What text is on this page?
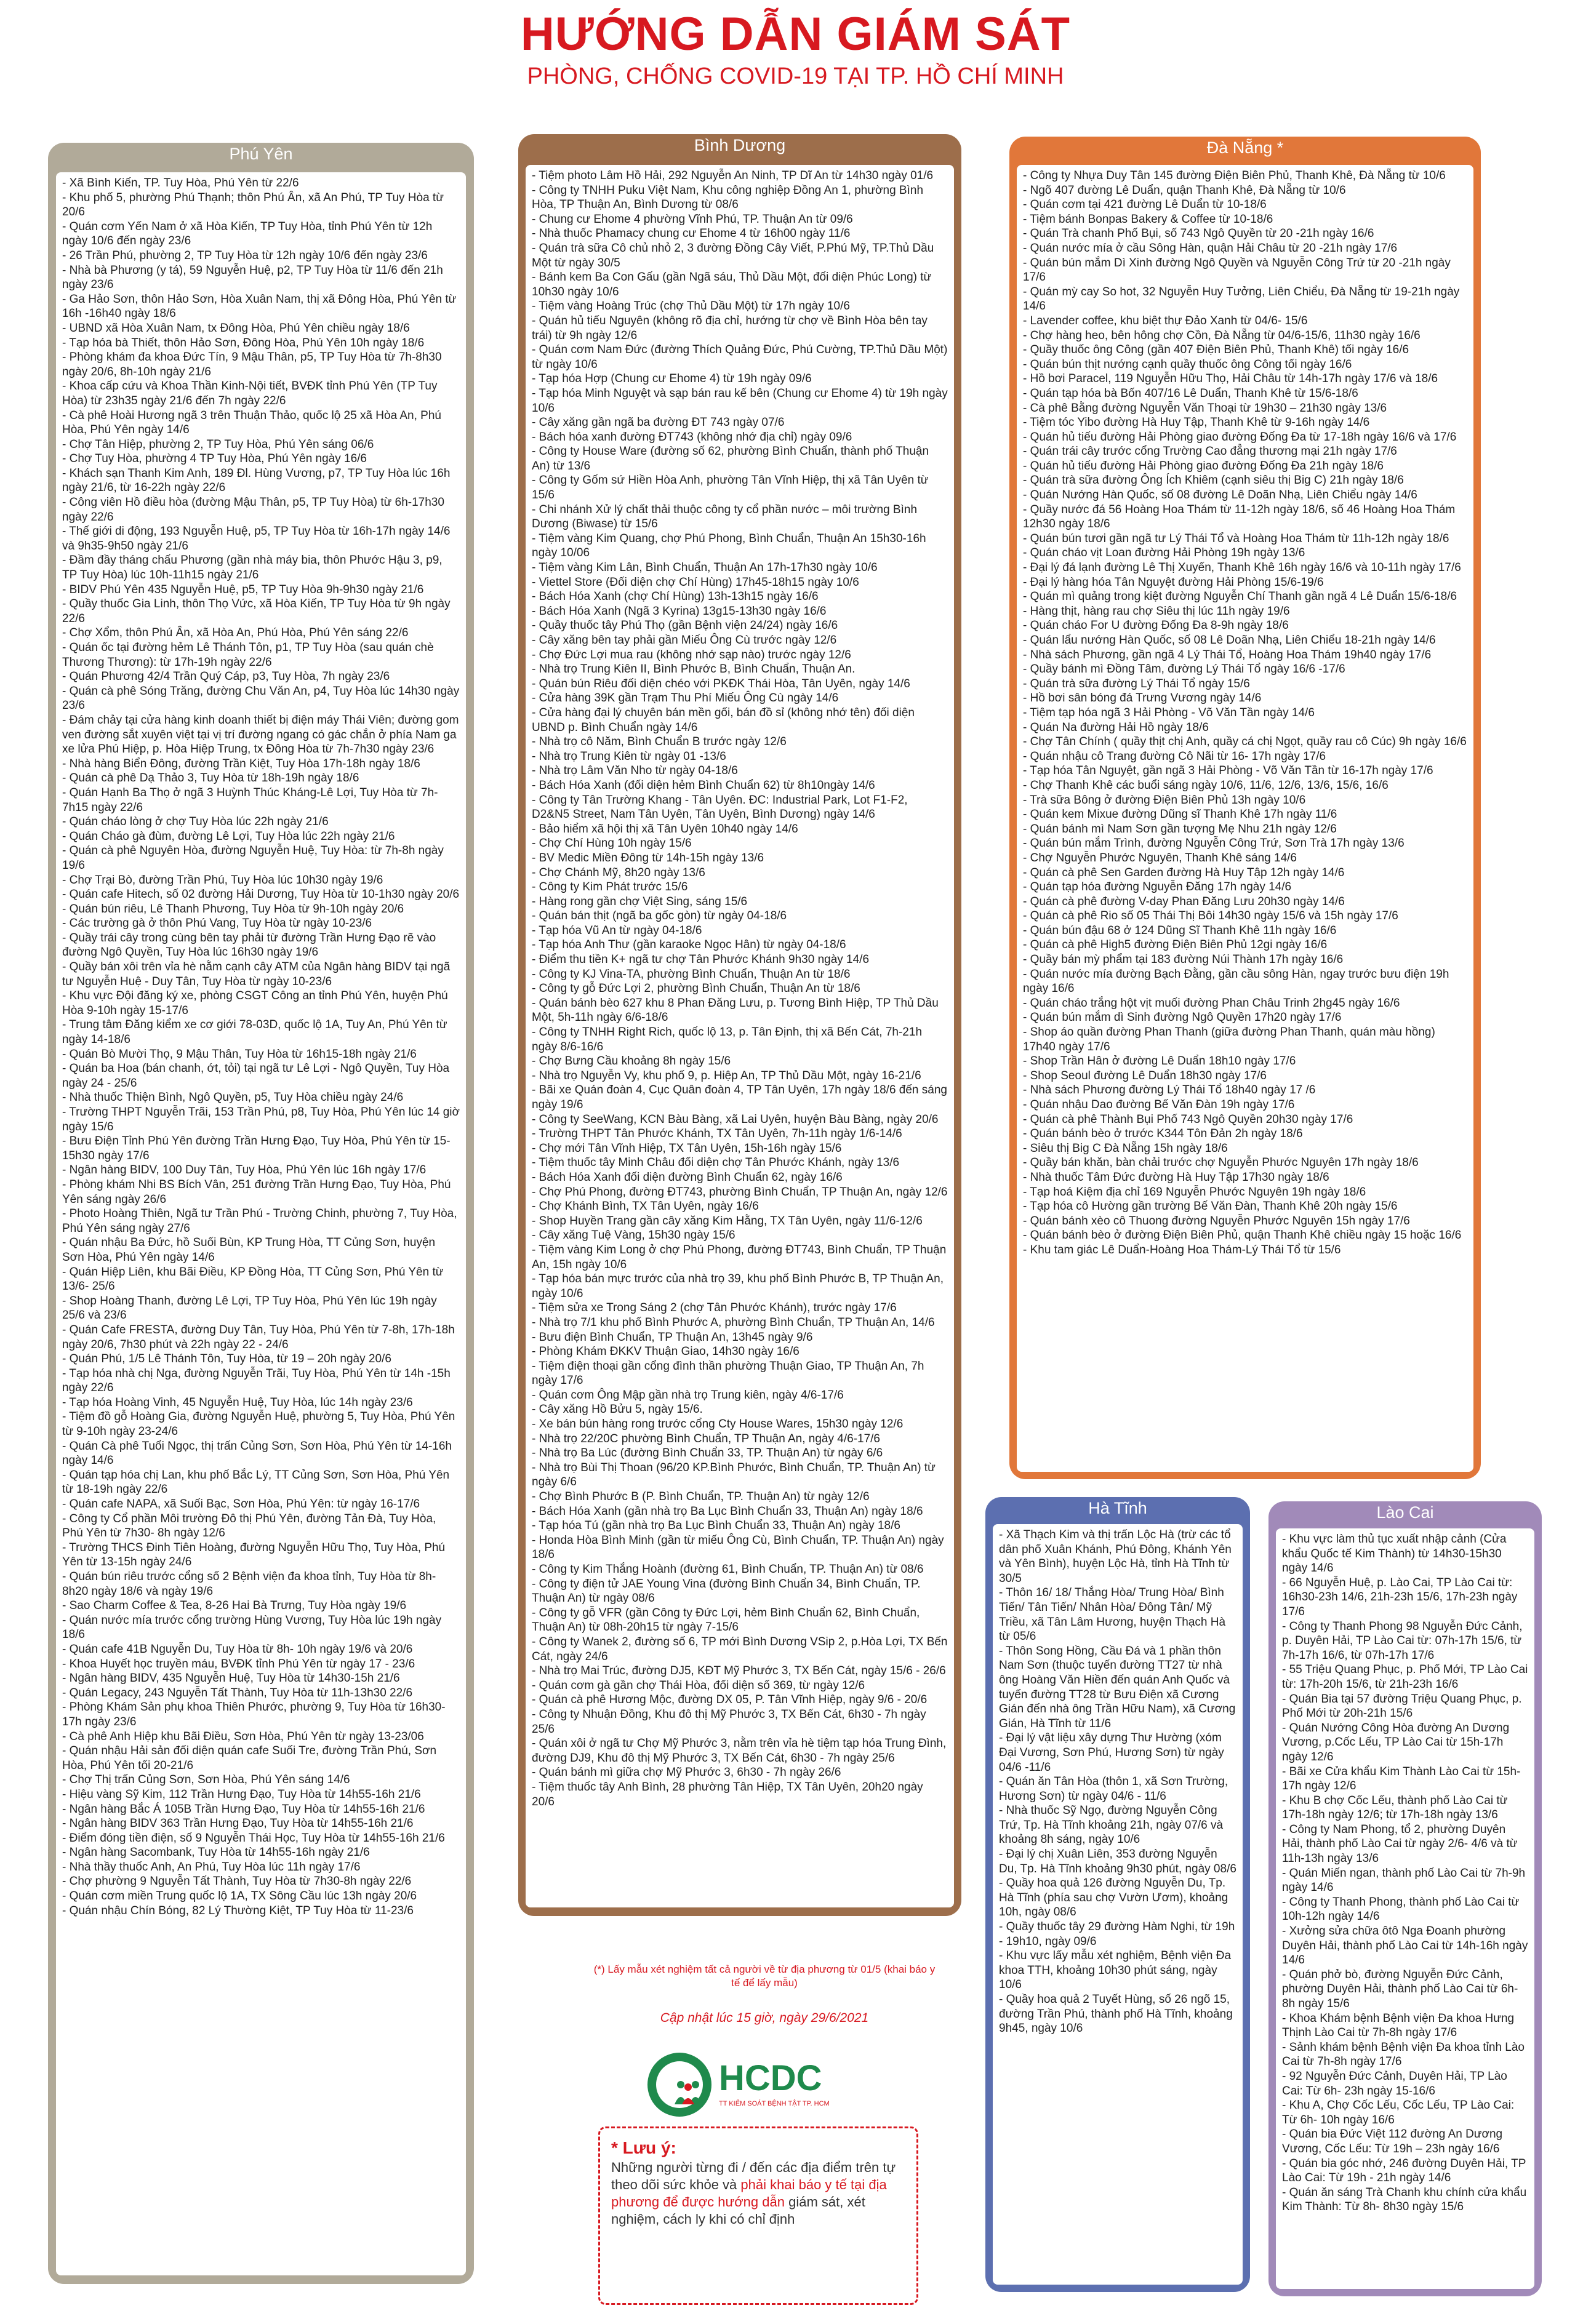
HƯỚNG DẪN GIÁM SÁT
PHÒNG, CHỐNG COVID-19 TẠI TP. HỒ CHÍ MINH
Phú Yên
- Xã Bình Kiến, TP. Tuy Hòa, Phú Yên từ 22/6
- Khu phố 5, phường Phú Thạnh; thôn Phú Ân, xã An Phú, TP Tuy Hòa từ 20/6
- Quán cơm Yến Nam ở xã Hòa Kiến, TP Tuy Hòa, tỉnh Phú Yên từ 12h ngày 10/6 đến ngày 23/6
- 26 Trần Phú, phường 2, TP Tuy Hòa từ 12h ngày 10/6 đến ngày 23/6
- Nhà bà Phương (y tá), 59 Nguyễn Huệ, p2, TP Tuy Hòa từ 11/6 đến 21h ngày 23/6
- Ga Hảo Sơn, thôn Hảo Sơn, Hòa Xuân Nam, thị xã Đông Hòa, Phú Yên từ 16h -16h40 ngày 18/6
- UBND xã Hòa Xuân Nam, tx Đông Hòa, Phú Yên chiều ngày 18/6
- Tạp hóa bà Thiết, thôn Hảo Sơn, Đông Hòa, Phú Yên 10h ngày 18/6
- Phòng khám đa khoa Đức Tín, 9 Mậu Thân, p5, TP Tuy Hòa từ 7h-8h30 ngày 20/6, 8h-10h ngày 21/6
- Khoa cấp cứu và Khoa Thần Kinh-Nội tiết, BVĐK tỉnh Phú Yên (TP Tuy Hòa) từ 23h35 ngày 21/6 đến 7h ngày 22/6
- Cà phê Hoài Hương ngã 3 trên Thuận Thảo, quốc lộ 25 xã Hòa An, Phú Hòa, Phú Yên ngày 14/6
- Chợ Tân Hiệp, phường 2, TP Tuy Hòa, Phú Yên sáng 06/6
- Chợ Tuy Hòa, phường 4 TP Tuy Hòa, Phú Yên ngày 16/6
- Khách sạn Thanh Kim Anh, 189 Đl. Hùng Vương, p7, TP Tuy Hòa lúc 16h ngày 21/6, từ 16-22h ngày 22/6
- Công viên Hồ điều hòa (đường Mậu Thân, p5, TP Tuy Hòa) từ 6h-17h30 ngày 22/6
- Thế giới di động, 193 Nguyễn Huệ, p5, TP Tuy Hòa từ 16h-17h ngày 14/6 và 9h35-9h50 ngày 21/6
- Đầm đầy tháng chấu Phương (gần nhà máy bia, thôn Phước Hậu 3, p9, TP Tuy Hòa) lúc 10h-11h15 ngày 21/6
- BIDV Phú Yên 435 Nguyễn Huệ, p5, TP Tuy Hòa 9h-9h30 ngày 21/6
- Quầy thuốc Gia Linh, thôn Thọ Vức, xã Hòa Kiến, TP Tuy Hòa từ 9h ngày 22/6
- Chợ Xổm, thôn Phú Ân, xã Hòa An, Phú Hòa, Phú Yên sáng 22/6
- Quán ốc tại đường hẻm Lê Thánh Tôn, p1, TP Tuy Hòa (sau quán chè Thương Thương): từ 17h-19h ngày 22/6
- Quán Phương 42/4 Trần Quý Cáp, p3, Tuy Hòa, 7h ngày 23/6
- Quán cà phê Sóng Trăng, đường Chu Văn An, p4, Tuy Hòa lúc 14h30 ngày 23/6
- Đám chảy tại cửa hàng kinh doanh thiết bị điện máy Thái Viên; đường gom ven đường sắt xuyên việt tại vị trí đường ngang có gác chắn ở phía Nam ga xe lửa Phú Hiệp, p. Hòa Hiệp Trung, tx Đông Hòa từ 7h-7h30 ngày 23/6
- Nhà hàng Biển Đông, đường Trần Kiệt, Tuy Hòa 17h-18h ngày 18/6
- Quán cà phê Dạ Thảo 3, Tuy Hòa từ 18h-19h ngày 18/6
- Quán Hạnh Ba Thọ ở ngã 3 Huỳnh Thúc Kháng-Lê Lợi, Tuy Hòa từ 7h-7h15 ngày 22/6
- Quán cháo lòng ở chợ Tuy Hòa lúc 22h ngày 21/6
- Quán Cháo gà đùm, đường Lê Lợi, Tuy Hòa lúc 22h ngày 21/6
- Quán cà phê Nguyên Hòa, đường Nguyễn Huệ, Tuy Hòa: từ 7h-8h ngày 19/6
- Chợ Trại Bò, đường Trần Phú, Tuy Hòa lúc 10h30 ngày 19/6
- Quán cafe Hitech, số 02 đường Hải Dương, Tuy Hòa từ 10-1h30 ngày 20/6
- Quán bún riêu, Lê Thanh Phương, Tuy Hòa từ 9h-10h ngày 20/6
- Các trường gà ở thôn Phú Vang, Tuy Hòa từ ngày 10-23/6
- Quầy trái cây trong cùng bên tay phải từ đường Trần Hưng Đạo rẽ vào đường Ngô Quyền, Tuy Hòa lúc 16h30 ngày 19/6
- Quầy bán xôi trên vỉa hè nằm cạnh cây ATM của Ngân hàng BIDV tại ngã tư Nguyễn Huệ - Duy Tân, Tuy Hòa từ ngày 10-23/6
- Khu vực Đội đăng ký xe, phòng CSGT Công an tỉnh Phú Yên, huyện Phú Hòa 9-10h ngày 15-17/6
- Trung tâm Đăng kiểm xe cơ giới 78-03D, quốc lộ 1A, Tuy An, Phú Yên từ ngày 14-18/6
- Quán Bò Mười Thọ, 9 Mậu Thân, Tuy Hòa từ 16h15-18h ngày 21/6
- Quán ba Hoa (bán chanh, ớt, tỏi) tại ngã tư Lê Lợi - Ngô Quyền, Tuy Hòa ngày 24 - 25/6
- Nhà thuốc Thiện Bình, Ngô Quyền, p5, Tuy Hòa chiều ngày 24/6
- Trường THPT Nguyễn Trãi, 153 Trần Phú, p8, Tuy Hòa, Phú Yên lúc 14 giờ ngày 15/6
- Bưu Điện Tỉnh Phú Yên đường Trần Hưng Đạo, Tuy Hòa, Phú Yên từ 15- 15h30 ngày 17/6
- Ngân hàng BIDV, 100 Duy Tân, Tuy Hòa, Phú Yên lúc 16h ngày 17/6
- Phòng khám Nhi BS Bích Vân, 251 đường Trần Hưng Đạo, Tuy Hòa, Phú Yên sáng ngày 26/6
- Photo Hoàng Thiên, Ngã tư Trần Phú - Trường Chinh, phường 7, Tuy Hòa, Phú Yên sáng ngày 27/6
- Quán nhậu Ba Đức, hồ Suối Bùn, KP Trung Hòa, TT Củng Sơn, huyện Sơn Hòa, Phú Yên ngày 14/6
- Quán Hiệp Liên, khu Bãi Điều, KP Đồng Hòa, TT Củng Sơn, Phú Yên từ 13/6- 25/6
- Shop Hoàng Thanh, đường Lê Lợi, TP Tuy Hòa, Phú Yên lúc 19h ngày 25/6 và 23/6
- Quán Cafe FRESTA, đường Duy Tân, Tuy Hòa, Phú Yên từ 7-8h, 17h-18h ngày 20/6, 7h30 phút và 22h ngày 22 - 24/6
- Quán Phú, 1/5 Lê Thánh Tôn, Tuy Hòa, từ 19 – 20h ngày 20/6
- Tạp hóa nhà chị Nga, đường Nguyễn Trãi, Tuy Hòa, Phú Yên từ 14h -15h ngày 22/6
- Tạp hóa Hoàng Vinh, 45 Nguyễn Huệ, Tuy Hòa, lúc 14h ngày 23/6
- Tiệm đồ gỗ Hoàng Gia, đường Nguyễn Huệ, phường 5, Tuy Hòa, Phú Yên từ 9-10h ngày 23-24/6
- Quán Cà phê Tuổi Ngọc, thị trấn Củng Sơn, Sơn Hòa, Phú Yên từ 14-16h ngày 14/6
- Quán tạp hóa chị Lan, khu phố Bắc Lý, TT Củng Sơn, Sơn Hòa, Phú Yên từ 18-19h ngày 22/6
- Quán cafe NAPA, xã Suối Bạc, Sơn Hòa, Phú Yên: từ ngày 16-17/6
- Công ty Cổ phần Môi trường Đô thị Phú Yên, đường Tản Đà, Tuy Hòa, Phú Yên từ 7h30- 8h ngày 12/6
- Trường THCS Đinh Tiên Hoàng, đường Nguyễn Hữu Thọ, Tuy Hòa, Phú Yên từ 13-15h ngày 24/6
- Quán bún riêu trước cổng số 2 Bệnh viện đa khoa tỉnh, Tuy Hòa từ 8h- 8h20 ngày 18/6 và ngày 19/6
- Sao Charm Coffee & Tea, 8-26 Hai Bà Trưng, Tuy Hòa ngày 19/6
- Quán nước mía trước cổng trường Hùng Vương, Tuy Hòa lúc 19h ngày 18/6
- Quán cafe 41B Nguyễn Du, Tuy Hòa từ 8h- 10h ngày 19/6 và 20/6
- Khoa Huyết học truyền máu, BVĐK tỉnh Phú Yên từ ngày 17 - 23/6
- Ngân hàng BIDV, 435 Nguyễn Huệ, Tuy Hòa từ 14h30-15h 21/6
- Quán Legacy, 243 Nguyễn Tất Thành, Tuy Hòa từ 11h-13h30 22/6
- Phòng Khám Sản phụ khoa Thiên Phước, phường 9, Tuy Hòa từ 16h30- 17h ngày 23/6
- Cà phê Anh Hiệp khu Bãi Điều, Sơn Hòa, Phú Yên từ ngày 13-23/06
- Quán nhậu Hải sản đối diện quán cafe Suối Tre, đường Trần Phú, Sơn Hòa, Phú Yên tối 20-21/6
- Chợ Thị trấn Củng Sơn, Sơn Hòa, Phú Yên sáng 14/6
- Hiệu vàng Sỹ Kim, 112 Trần Hưng Đạo, Tuy Hòa từ 14h55-16h 21/6
- Ngân hàng Bắc Á 105B Trần Hưng Đạo, Tuy Hòa từ 14h55-16h 21/6
- Ngân hàng BIDV 363 Trần Hưng Đạo, Tuy Hòa từ 14h55-16h 21/6
- Điểm đóng tiền điện, số 9 Nguyễn Thái Học, Tuy Hòa từ 14h55-16h 21/6
- Ngân hàng Sacombank, Tuy Hòa từ 14h55-16h ngày 21/6
- Nhà thầy thuốc Anh, An Phú, Tuy Hòa lúc 11h ngày 17/6
- Chợ phường 9 Nguyễn Tất Thành, Tuy Hòa từ 7h30-8h ngày 22/6
- Quán cơm miền Trung quốc lộ 1A, TX Sông Cầu lúc 13h ngày 20/6
- Quán nhậu Chín Bóng, 82 Lý Thường Kiệt, TP Tuy Hòa từ 11-23/6
Bình Dương
- Tiệm photo Lâm Hồ Hải, 292 Nguyễn An Ninh, TP Dĩ An từ 14h30 ngày 01/6
- Công ty TNHH Puku Việt Nam, Khu công nghiệp Đồng An 1, phường Bình Hòa, TP Thuận An, Bình Dương từ 08/6
- Chung cư Ehome 4 phường Vĩnh Phú, TP. Thuận An từ 09/6
- Nhà thuốc Phamacy chung cư Ehome 4 từ 16h00 ngày 11/6
- Quán trà sữa Cô chủ nhỏ 2, 3 đường Đồng Cây Viết, P.Phú Mỹ, TP.Thủ Dầu Một từ ngày 30/5
- Bánh kem Ba Con Gấu (gần Ngã sáu, Thủ Dầu Một, đối diện Phúc Long) từ 10h30 ngày 10/6
- Tiệm vàng Hoàng Trúc (chợ Thủ Dầu Một) từ 17h ngày 10/6
- Quán hủ tiếu Nguyên (không rõ địa chỉ, hướng từ chợ về Bình Hòa bên tay trái) từ 9h ngày 12/6
- Quán cơm Nam Đức (đường Thích Quảng Đức, Phú Cường, TP.Thủ Dầu Một) từ ngày 10/6
- Tạp hóa Hợp (Chung cư Ehome 4) từ 19h ngày 09/6
- Tạp hóa Minh Nguyệt và sạp bán rau kế bên (Chung cư Ehome 4) từ 19h ngày 10/6
- Cây xăng gần ngã ba đường ĐT 743 ngày 07/6
- Bách hóa xanh đường ĐT743 (không nhớ địa chỉ) ngày 09/6
- Công ty House Ware (đường số 62, phường Bình Chuẩn, thành phố Thuận An) từ 13/6
- Công ty Gốm sứ Hiền Hòa Anh, phường Tân Vĩnh Hiệp, thị xã Tân Uyên từ 15/6
- Chi nhánh Xử lý chất thải thuộc công ty cổ phần nước – môi trường Bình Dương (Biwase) từ 15/6
- Tiệm vàng Kim Quang, chợ Phú Phong, Bình Chuẩn, Thuận An 15h30-16h ngày 10/06
- Tiệm vàng Kim Lân, Bình Chuẩn, Thuận An 17h-17h30 ngày 10/6
- Viettel Store (Đối diện chợ Chí Hùng) 17h45-18h15 ngày 10/6
- Bách Hóa Xanh (chợ Chí Hùng) 13h-13h15 ngày 16/6
- Bách Hóa Xanh (Ngã 3 Kyrina) 13g15-13h30 ngày 16/6
- Quầy thuốc tây Phú Thọ (gần Bệnh viện 24/24) ngày 16/6
- Cây xăng bên tay phải gần Miếu Ông Cù trước ngày 12/6
- Chợ Đức Lợi mua rau (không nhớ sạp nào) trước ngày 12/6
- Nhà trọ Trung Kiên II, Bình Phước B, Bình Chuẩn, Thuận An.
- Quán bún Riêu đối diện chéo với PKĐK Thái Hòa, Tân Uyên, ngày 14/6
- Cửa hàng 39K gần Trạm Thu Phí Miếu Ông Cù ngày 14/6
- Cửa hàng đại lý chuyên bán mền gối, bán đồ sỉ (không nhớ tên) đối diện UBND p. Bình Chuẩn ngày 14/6
- Nhà trọ cô Năm, Bình Chuẩn B trước ngày 12/6
- Nhà trọ Trung Kiên từ ngày 01 -13/6
- Nhà trọ Lâm Văn Nho từ ngày 04-18/6
- Bách Hóa Xanh (đối diện hẻm Bình Chuẩn 62) từ 8h10ngày 14/6
- Công ty Tân Trường Khang - Tân Uyên. ĐC: Industrial Park, Lot F1-F2, D2&N5 Street, Nam Tân Uyên, Tân Uyên, Bình Dương) ngày 14/6
- Bảo hiểm xã hội thị xã Tân Uyên 10h40 ngày 14/6
- Chợ Chí Hùng 10h ngày 15/6
- BV Medic Miền Đông từ 14h-15h ngày 13/6
- Chợ Chánh Mỹ, 8h20 ngày 13/6
- Công ty Kim Phát trước 15/6
- Hàng rong gần chợ Việt Sing, sáng 15/6
- Quán bán thịt (ngã ba gốc gòn) từ ngày 04-18/6
- Tạp hóa Vũ An từ ngày 04-18/6
- Tạp hóa Anh Thư (gần karaoke Ngọc Hân) từ ngày 04-18/6
- Điểm thu tiền K+ ngã tư chợ Tân Phước Khánh 9h30 ngày 14/6
- Công ty KJ Vina-TA, phường Bình Chuẩn, Thuận An từ 18/6
- Công ty gỗ Đức Lợi 2, phường Bình Chuẩn, Thuận An từ 18/6
- Quán bánh bèo 627 khu 8 Phan Đăng Lưu, p. Tương Bình Hiệp, TP Thủ Dầu Một, 5h-11h ngày 6/6-18/6
- Công ty TNHH Right Rich, quốc lộ 13, p. Tân Định, thị xã Bến Cát, 7h-21h ngày 8/6-16/6
- Chợ Bưng Cầu khoảng 8h ngày 15/6
- Nhà trọ Nguyễn Vy, khu phố 9, p. Hiệp An, TP Thủ Dầu Một, ngày 16-21/6
- Bãi xe Quán đoàn 4, Cục Quân đoàn 4, TP Tân Uyên, 17h ngày 18/6 đến sáng ngày 19/6
- Công ty SeeWang, KCN Bàu Bàng, xã Lai Uyên, huyện Bàu Bàng, ngày 20/6
- Trường THPT Tân Phước Khánh, TX Tân Uyên, 7h-11h ngày 1/6-14/6
- Chợ mới Tân Vĩnh Hiệp, TX Tân Uyên, 15h-16h ngày 15/6
- Tiệm thuốc tây Minh Châu đối diện chợ Tân Phước Khánh, ngày 13/6
- Bách Hóa Xanh đối diện đường Bình Chuẩn 62, ngày 16/6
- Chợ Phú Phong, đường ĐT743, phường Bình Chuẩn, TP Thuận An, ngày 12/6
- Chợ Khánh Bình, TX Tân Uyên, ngày 16/6
- Shop Huyền Trang gần cây xăng Kim Hằng, TX Tân Uyên, ngày 11/6-12/6
- Cây xăng Tuệ Vàng, 15h30 ngày 15/6
- Tiệm vàng Kim Long ở chợ Phú Phong, đường ĐT743, Bình Chuẩn, TP Thuận An, 15h ngày 10/6
- Tạp hóa bán mực trước của nhà trọ 39, khu phố Bình Phước B, TP Thuận An, ngày 10/6
- Tiệm sửa xe Trong Sáng 2 (chợ Tân Phước Khánh), trước ngày 17/6
- Nhà trọ 7/1 khu phố Bình Phước A, phường Bình Chuẩn, TP Thuận An, 14/6
- Bưu điện Bình Chuẩn, TP Thuận An, 13h45 ngày 9/6
- Phòng Khám ĐKKV Thuận Giao, 14h30 ngày 16/6
- Tiệm điện thoại gần cổng đình thần phường Thuận Giao, TP Thuận An, 7h ngày 17/6
- Quán cơm Ông Mập gần nhà trọ Trung kiên, ngày 4/6-17/6
- Cây xăng Hồ Bửu 5, ngày 15/6.
- Xe bán bún hàng rong trước cổng Cty House Wares, 15h30 ngày 12/6
- Nhà trọ 22/20C phường Bình Chuẩn, TP Thuận An, ngày 4/6-17/6
- Nhà trọ Ba Lúc (đường Bình Chuẩn 33, TP. Thuận An) từ ngày 6/6
- Nhà trọ Bùi Thị Thoan (96/20 KP.Bình Phước, Bình Chuẩn, TP. Thuận An) từ ngày 6/6
- Chợ Bình Phước B (P. Bình Chuẩn, TP. Thuận An) từ ngày 12/6
- Bách Hóa Xanh (gần nhà trọ Ba Lục Bình Chuẩn 33, Thuận An) ngày 18/6
- Tạp hóa Tú (gần nhà trọ Ba Lục Bình Chuẩn 33, Thuận An) ngày 18/6
- Honda Hòa Bình Minh (gần từ miếu Ông Cù, Bình Chuẩn, TP. Thuận An) ngày 18/6
- Công ty Kim Thắng Hoành (đường 61, Bình Chuẩn, TP. Thuận An) từ 08/6
- Công ty điện tử JAE Young Vina (đường Bình Chuẩn 34, Bình Chuẩn, TP. Thuận An) từ ngày 08/6
- Công ty gỗ VFR (gần Công ty Đức Lợi, hẻm Bình Chuẩn 62, Bình Chuẩn, Thuận An) từ 08h-20h15 từ ngày 7-15/6
- Công ty Wanek 2, đường số 6, TP mới Bình Dương VSip 2, p.Hòa Lợi, TX Bến Cát, ngày 24/6
- Nhà trọ Mai Trúc, đường DJ5, KĐT Mỹ Phước 3, TX Bến Cát, ngày 15/6 - 26/6
- Quán cơm gà gần chợ Thái Hòa, đối diện số 369, từ ngày 12/6
- Quán cà phê Hương Mộc, đường DX 05, P. Tân Vĩnh Hiệp, ngày 9/6 - 20/6
- Công ty Nhuận Đồng, Khu đô thị Mỹ Phước 3, TX Bến Cát, 6h30 - 7h ngày 25/6
- Quán xôi ở ngã tư Chợ Mỹ Phước 3, nằm trên vỉa hè tiệm tạp hóa Trung Đình, đường DJ9, Khu đô thị Mỹ Phước 3, TX Bến Cát, 6h30 - 7h ngày 25/6
- Quán bánh mì giữa chợ Mỹ Phước 3, 6h30 - 7h ngày 26/6
- Tiệm thuốc tây Anh Bình, 28 phường Tân Hiệp, TX Tân Uyên, 20h20 ngày 20/6
Đà Nẵng *
- Công ty Nhựa Duy Tân 145 đường Điện Biên Phủ, Thanh Khê, Đà Nẵng từ 10/6
- Ngõ 407 đường Lê Duẩn, quận Thanh Khê, Đà Nẵng từ 10/6
- Quán cơm tại 421 đường Lê Duẩn từ 10-18/6
- Tiệm bánh Bonpas Bakery & Coffee từ 10-18/6
- Quán Trà chanh Phố Bụi, số 743 Ngô Quyền từ 20 -21h ngày 16/6
- Quán nước mía ở cầu Sông Hàn, quận Hải Châu từ 20 -21h ngày 17/6
- Quán bún mắm Dì Xinh đường Ngô Quyền và Nguyễn Công Trứ từ 20 -21h ngày 17/6
- Quán mỳ cay So hot, 32 Nguyễn Huy Tưởng, Liên Chiểu, Đà Nẵng từ 19-21h ngày 14/6
- Lavender coffee, khu biệt thự Đảo Xanh từ 04/6- 15/6
- Chợ hàng heo, bên hông chợ Cồn, Đà Nẵng từ 04/6-15/6, 11h30 ngày 16/6
- Quầy thuốc ông Công (gần 407 Điện Biên Phủ, Thanh Khê) tối ngày 16/6
- Quán bún thịt nướng cạnh quầy thuốc ông Công tối ngày 16/6
- Hồ bơi Paracel, 119 Nguyễn Hữu Thọ, Hải Châu từ 14h-17h ngày 17/6 và 18/6
- Quán tạp hóa bà Bốn 407/16 Lê Duẩn, Thanh Khê từ 15/6-18/6
- Cà phê Bằng đường Nguyễn Văn Thoại từ 19h30 – 21h30 ngày 13/6
- Tiệm tóc Yibo đường Hà Huy Tập, Thanh Khê từ 9-16h ngày 14/6
- Quán hủ tiếu đường Hải Phòng giao đường Đống Đa từ 17-18h ngày 16/6 và 17/6
- Quán trái cây trước cổng Trường Cao đẳng thương mại 21h ngày 17/6
- Quán hủ tiếu đường Hải Phòng giao đường Đống Đa 21h ngày 18/6
- Quán trà sữa đường Ông Ích Khiêm (cạnh siêu thị Big C) 21h ngày 18/6
- Quán Nướng Hàn Quốc, số 08 đường Lê Doãn Nhạ, Liên Chiểu ngày 14/6
- Quầy nước đá 56 Hoàng Hoa Thám từ 11-12h ngày 18/6, số 46 Hoàng Hoa Thám 12h30 ngày 18/6
- Quán bún tươi gần ngã tư Lý Thái Tổ và Hoàng Hoa Thám từ 11h-12h ngày 18/6
- Quán cháo vịt Loan đường Hải Phòng 19h ngày 13/6
- Đại lý đá lạnh đường Lê Thị Xuyến, Thanh Khê 16h ngày 16/6 và 10-11h ngày 17/6
- Đại lý hàng hóa Tân Nguyệt đường Hải Phòng 15/6-19/6
- Quán mì quảng trong kiệt đường Nguyễn Chí Thanh gần ngã 4 Lê Duẩn 15/6-18/6
- Hàng thịt, hàng rau chợ Siêu thị lúc 11h ngày 19/6
- Quán cháo For U đường Đống Đa 8-9h ngày 18/6
- Quán lẩu nướng Hàn Quốc, số 08 Lê Doãn Nhạ, Liên Chiểu 18-21h ngày 14/6
- Nhà sách Phương, gần ngã 4 Lý Thái Tổ, Hoàng Hoa Thám 19h40 ngày 17/6
- Quầy bánh mì Đồng Tâm, đường Lý Thái Tổ ngày 16/6 -17/6
- Quán trà sữa đường Lý Thái Tổ ngày 15/6
- Hồ bơi sân bóng đá Trưng Vương ngày 14/6
- Tiệm tạp hóa ngã 3 Hải Phòng - Võ Văn Tần ngày 14/6
- Quán Na đường Hải Hồ ngày 18/6
- Chợ Tân Chính ( quầy thịt chị Anh, quầy cá chị Ngọt, quầy rau cô Cúc) 9h ngày 16/6
- Quán nhậu cô Trang đường Cô Nãi từ 16- 17h ngày 17/6
- Tạp hóa Tân Nguyệt, gần ngã 3 Hải Phòng - Võ Văn Tần từ 16-17h ngày 17/6
- Chợ Thanh Khê các buổi sáng ngày 10/6, 11/6, 12/6, 13/6, 15/6, 16/6
- Trà sữa Bông ở đường Điện Biên Phủ 13h ngày 10/6
- Quán kem Mixue đường Dũng sĩ Thanh Khê 17h ngày 11/6
- Quán bánh mì Nam Sơn gần tượng Mẹ Nhu 21h ngày 12/6
- Quán bún mắm Trình, đường Nguyễn Công Trứ, Sơn Trà 17h ngày 13/6
- Chợ Nguyễn Phước Nguyên, Thanh Khê sáng 14/6
- Quán cà phê Sen Garden đường Hà Huy Tập 12h ngày 14/6
- Quán tạp hóa đường Nguyễn Đăng 17h ngày 14/6
- Quán cà phê đường V-day Phan Đăng Lưu 20h30 ngày 14/6
- Quán cà phê Rio số 05 Thái Thị Bôi 14h30 ngày 15/6 và 15h ngày 17/6
- Quán bún đậu 68 ở 124 Dũng Sĩ Thanh Khê 11h ngày 16/6
- Quán cà phê High5 đường Điện Biên Phủ 12gi ngày 16/6
- Quầy bán mỳ phẩm tại 183 đường Núi Thành 17h ngày 16/6
- Quán nước mía đường Bạch Đằng, gần cầu sông Hàn, ngay trước bưu điện 19h ngày 16/6
- Quán cháo trắng hột vịt muối đường Phan Châu Trinh 2hg45 ngày 16/6
- Quán bún mắm dì Sinh đường Ngô Quyền 17h20 ngày 17/6
- Shop áo quần đường Phan Thanh (giữa đường Phan Thanh, quán màu hồng) 17h40 ngày 17/6
- Shop Trần Hân ở đường Lê Duẩn 18h10 ngày 17/6
- Shop Seoul đường Lê Duẩn 18h30 ngày 17/6
- Nhà sách Phương đường Lý Thái Tổ 18h40 ngày 17 /6
- Quán nhậu Dao đường Bế Văn Đàn 19h ngày 17/6
- Quán cà phê Thành Bụi Phố 743 Ngô Quyền 20h30 ngày 17/6
- Quán bánh bèo ở trước K344 Tôn Đản 2h ngày 18/6
- Siêu thị Big C Đà Nẵng 15h ngày 18/6
- Quầy bán khăn, bàn chải trước chợ Nguyễn Phước Nguyên 17h ngày 18/6
- Nhà thuốc Tâm Đức đường Hà Huy Tập 17h30 ngày 18/6
- Tạp hoá Kiệm địa chỉ 169 Nguyễn Phước Nguyên 19h ngày 18/6
- Tạp hóa cô Hường gần trường Bế Văn Đàn, Thanh Khê 20h ngày 15/6
- Quán bánh xèo cô Thuong đường Nguyễn Phước Nguyên 15h ngày 17/6
- Quán bánh bèo ở đường Điện Biên Phủ, quận Thanh Khê chiều ngày 15 hoặc 16/6
- Khu tam giác Lê Duẩn-Hoàng Hoa Thám-Lý Thái Tổ từ 15/6
Hà Tĩnh
- Xã Thạch Kim và thị trấn Lộc Hà (trừ các tổ dân phố Xuân Khánh, Phú Đông, Khánh Yên và Yên Bình), huyện Lộc Hà, tỉnh Hà Tĩnh từ 30/5
- Thôn 16/ 18/ Thắng Hòa/ Trung Hòa/ Bình Tiến/ Tân Tiến/ Nhân Hòa/ Đông Tân/ Mỹ Triều, xã Tân Lâm Hương, huyện Thạch Hà từ 05/6
- Thôn Song Hồng, Cầu Đá và 1 phần thôn Nam Sơn (thuộc tuyến đường TT27 từ nhà ông Hoàng Văn Hiền đến quán Anh Quốc và tuyến đường TT28 từ Bưu Điện xã Cương Gián đến nhà ông Trần Hữu Nam), xã Cương Gián, Hà Tĩnh từ 11/6
- Đại lý vật liệu xây dựng Thư Hường (xóm Đại Vương, Sơn Phú, Hương Sơn) từ ngày 04/6 -11/6
- Quán ăn Tân Hòa (thôn 1, xã Sơn Trường, Hương Sơn) từ ngày 04/6 - 11/6
- Nhà thuốc Sỹ Ngọ, đường Nguyễn Công Trứ, Tp. Hà Tĩnh khoảng 21h, ngày 07/6 và khoảng 8h sáng, ngày 10/6
- Đại lý chị Xuân Liên, 353 đường Nguyễn Du, Tp. Hà Tĩnh khoảng 9h30 phút, ngày 08/6
- Quầy hoa quả 126 đường Nguyễn Du, Tp. Hà Tĩnh (phía sau chợ Vườn Ươm), khoảng 10h, ngày 08/6
- Quầy thuốc tây 29 đường Hàm Nghi, từ 19h - 19h10, ngày 09/6
- Khu vực lấy mẫu xét nghiệm, Bệnh viện Đa khoa TTH, khoảng 10h30 phút sáng, ngày 10/6
- Quầy hoa quả 2 Tuyết Hùng, số 26 ngõ 15, đường Trần Phú, thành phố Hà Tĩnh, khoảng 9h45, ngày 10/6
Lào Cai
- Khu vực làm thủ tục xuất nhập cảnh (Cửa khẩu Quốc tế Kim Thành) từ 14h30-15h30 ngày 14/6
- 66 Nguyễn Huệ, p. Lào Cai, TP Lào Cai từ: 16h30-23h 14/6, 21h-23h 15/6, 17h-23h ngày 17/6
- Công ty Thanh Phong 98 Nguyễn Đức Cảnh, p. Duyên Hải, TP Lào Cai từ: 07h-17h 15/6, từ 7h-17h 16/6, từ 07h-17h 17/6
- 55 Triệu Quang Phục, p. Phố Mới, TP Lào Cai từ: 17h-20h 15/6, từ 21h-23h 16/6
- Quán Bia tại 57 đường Triệu Quang Phục, p. Phố Mới từ 20h-21h 15/6
- Quán Nướng Công Hòa đường An Dương Vương, p.Cốc Lếu, TP Lào Cai từ 15h-17h ngày 12/6
- Bãi xe Cửa khẩu Kim Thành Lào Cai từ 15h-17h ngày 12/6
- Khu B chợ Cốc Lếu, thành phố Lào Cai từ 17h-18h ngày 12/6; từ 17h-18h ngày 13/6
- Công ty Nam Phong, tổ 2, phường Duyên Hải, thành phố Lào Cai từ ngày 2/6- 4/6 và từ 11h-13h ngày 13/6
- Quán Miến ngan, thành phố Lào Cai từ 7h-9h ngày 14/6
- Công ty Thanh Phong, thành phố Lào Cai từ 10h-12h ngày 14/6
- Xưởng sửa chữa ôtô Nga Đoanh phường Duyên Hải, thành phố Lào Cai từ 14h-16h ngày 14/6
- Quán phở bò, đường Nguyễn Đức Cảnh, phường Duyên Hải, thành phố Lào Cai từ 6h-8h ngày 15/6
- Khoa Khám bệnh Bệnh viện Đa khoa Hưng Thịnh Lào Cai từ 7h-8h ngày 17/6
- Sảnh khám bệnh Bệnh viện Đa khoa tỉnh Lào Cai từ 7h-8h ngày 17/6
- 92 Nguyễn Đức Cảnh, Duyên Hải, TP Lào Cai: Từ 6h- 23h ngày 15-16/6
- Khu A, Chợ Cốc Lếu, Cốc Lếu, TP Lào Cai: Từ 6h- 10h ngày 16/6
- Quán bia Đức Việt 112 đường An Dương Vương, Cốc Lếu: Từ 19h – 23h ngày 16/6
- Quán bia góc nhớ, 246 đường Duyên Hải, TP Lào Cai: Từ 19h - 21h ngày 14/6
- Quán ăn sáng Trà Chanh khu chính cửa khẩu Kim Thành: Từ 8h- 8h30 ngày 15/6
(*) Lấy mẫu xét nghiệm tất cả người về từ địa phương từ 01/5 (khai báo y tế để lấy mẫu)
Cập nhật lúc 15 giờ, ngày 29/6/2021
HCDC
TT KIỂM SOÁT BỆNH TẬT TP. HCM
* Lưu ý:
Những người từng đi / đến các địa điểm trên tự theo dõi sức khỏe và phải khai báo y tế tại địa phương để được hướng dẫn giám sát, xét nghiệm, cách ly khi có chỉ định
